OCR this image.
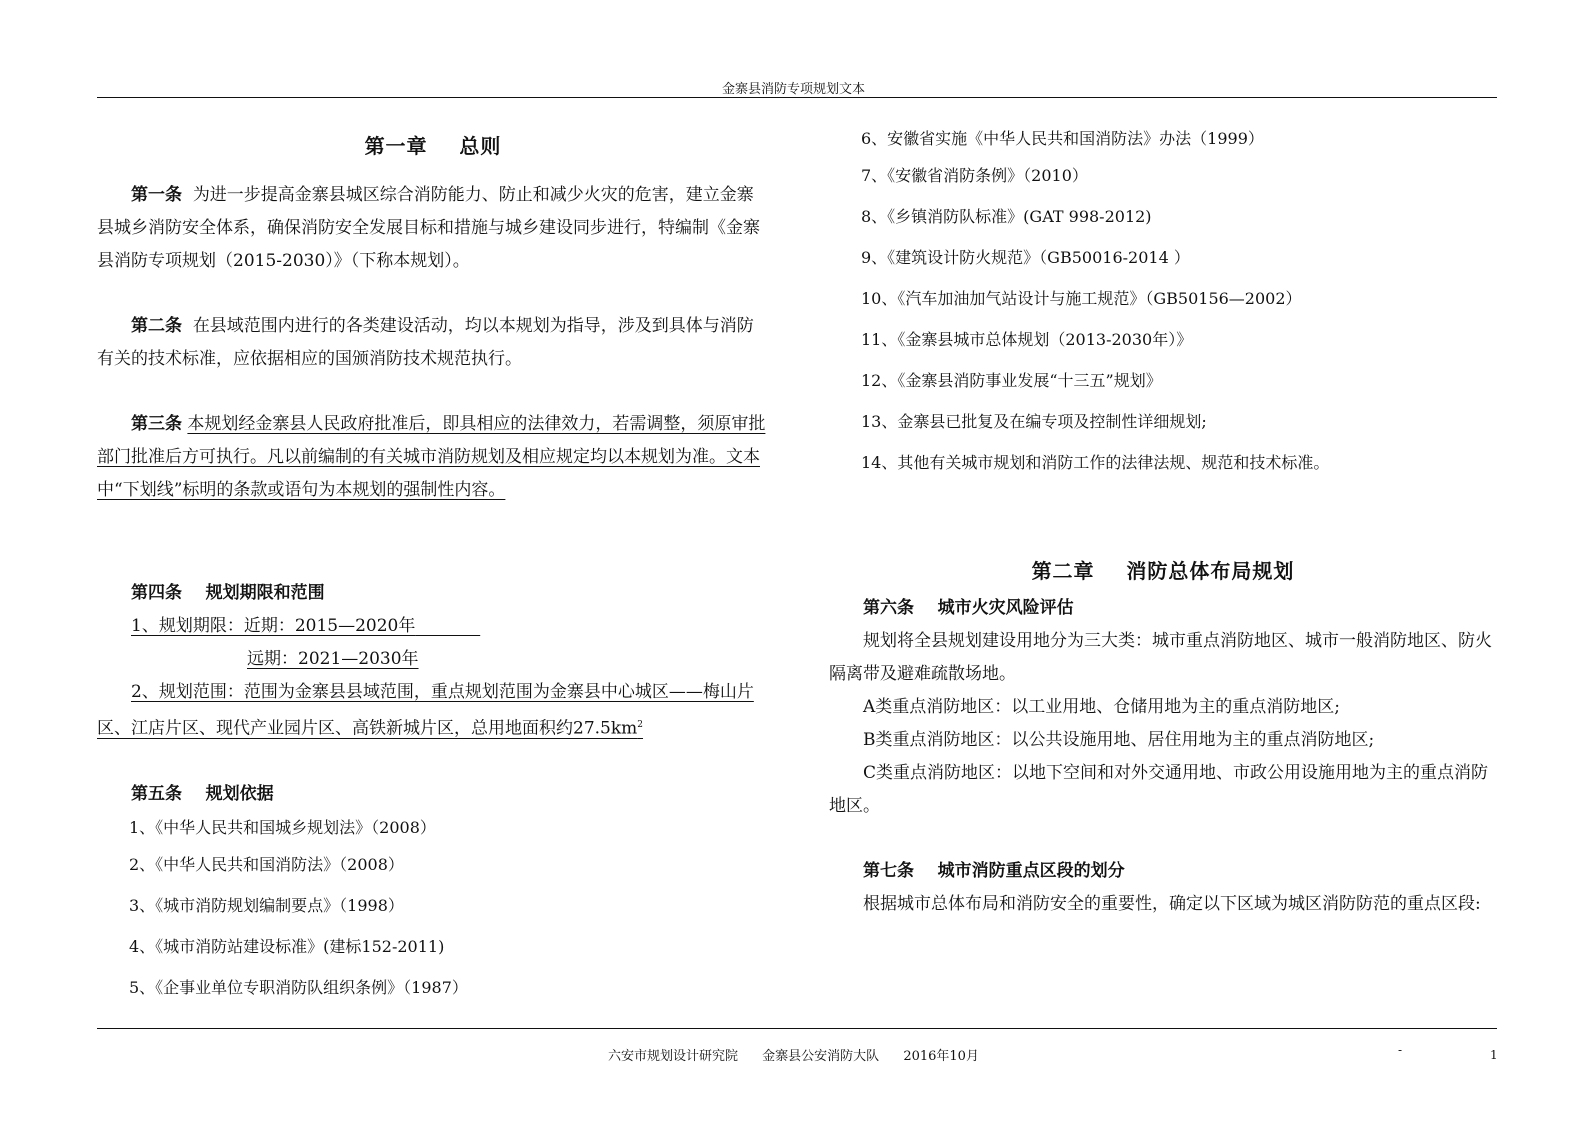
金寨县消防专项规划文本
第一章    总则

第一条 为进一步提高金寨县城区综合消防能力、防止和减少火灾的危害，建立金寨县城乡消防安全体系，确保消防安全发展目标和措施与城乡建设同步进行，特编制《金寨县消防专项规划（2015-2030）》（下称本规划）。

第二条 在县域范围内进行的各类建设活动，均以本规划为指导，涉及到具体与消防有关的技术标准，应依据相应的国颁消防技术规范执行。

第三条 本规划经金寨县人民政府批准后，即具相应的法律效力，若需调整，须原审批部门批准后方可执行。凡以前编制的有关城市消防规划及相应规定均以本规划为准。文本中“下划线”标明的条款或语句为本规划的强制性内容。

第四条    规划期限和范围
1、规划期限：近期：2015—2020年
远期：2021—2030年

2、规划范围：范围为金寨县县域范围，重点规划范围为金寨县中心城区——梅山片区、江店片区、现代产业园片区、高铁新城片区，总用地面积约$27.5km^2$

第五条    规划依据
1、《中华人民共和国城乡规划法》（2008）
2、《中华人民共和国消防法》（2008）
3、《城市消防规划编制要点》（1998）
4、《城市消防站建设标准》(建标152-2011)
5、《企事业单位专职消防队组织条例》（1987）
6、安徽省实施《中华人民共和国消防法》办法（1999）
7、《安徽省消防条例》（2010）
8、《乡镇消防队标准》(GAT 998-2012)
9、《建筑设计防火规范》（GB50016-2014 ）
10、《汽车加油加气站设计与施工规范》（GB50156—2002）
11、《金寨县城市总体规划（2013-2030年）》
12、《金寨县消防事业发展“十三五”规划》
13、金寨县已批复及在编专项及控制性详细规划;
14、其他有关城市规划和消防工作的法律法规、规范和技术标准。
第二章    消防总体布局规划
第六条    城市火灾风险评估

规划将全县规划建设用地分为三大类：城市重点消防地区、城市一般消防地区、防火隔离带及避难疏散场地。

A类重点消防地区：以工业用地、仓储用地为主的重点消防地区;

B类重点消防地区：以公共设施用地、居住用地为主的重点消防地区;

C类重点消防地区：以地下空间和对外交通用地、市政公用设施用地为主的重点消防地区。

第七条    城市消防重点区段的划分

根据城市总体布局和消防安全的重要性，确定以下区域为城区消防防范的重点区段:

六安市规划设计研究院 金寨县公安消防大队 2016年10月	-	1
